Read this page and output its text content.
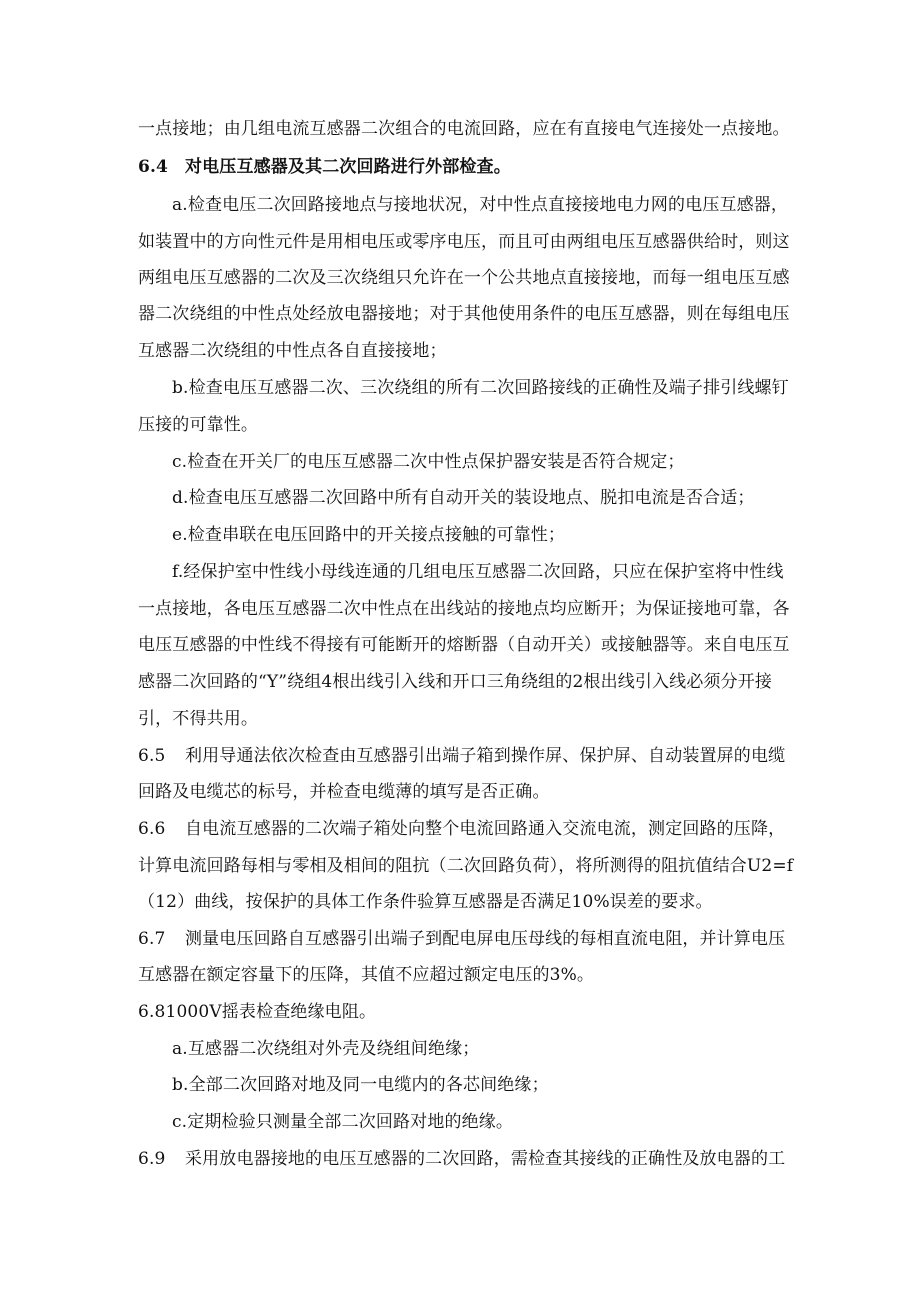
一点接地；由几组电流互感器二次组合的电流回路，应在有直接电气连接处一点接地。
6.4 对电压互感器及其二次回路进行外部检查。
a.检查电压二次回路接地点与接地状况，对中性点直接接地电力网的电压互感器，
如装置中的方向性元件是用相电压或零序电压，而且可由两组电压互感器供给时，则这
两组电压互感器的二次及三次绕组只允许在一个公共地点直接接地，而每一组电压互感
器二次绕组的中性点处经放电器接地；对于其他使用条件的电压互感器，则在每组电压
互感器二次绕组的中性点各自直接接地；
b.检查电压互感器二次、三次绕组的所有二次回路接线的正确性及端子排引线螺钉
压接的可靠性。
c.检查在开关厂的电压互感器二次中性点保护器安装是否符合规定；
d.检查电压互感器二次回路中所有自动开关的装设地点、脱扣电流是否合适；
e.检查串联在电压回路中的开关接点接触的可靠性；
f.经保护室中性线小母线连通的几组电压互感器二次回路，只应在保护室将中性线
一点接地，各电压互感器二次中性点在出线站的接地点均应断开；为保证接地可靠，各
电压互感器的中性线不得接有可能断开的熔断器（自动开关）或接触器等。来自电压互
感器二次回路的“Y”绕组4根出线引入线和开口三角绕组的2根出线引入线必须分开接
引，不得共用。
6.5 利用导通法依次检查由互感器引出端子箱到操作屏、保护屏、自动装置屏的电缆
回路及电缆芯的标号，并检查电缆薄的填写是否正确。
6.6 自电流互感器的二次端子箱处向整个电流回路通入交流电流，测定回路的压降，
计算电流回路每相与零相及相间的阻抗（二次回路负荷），将所测得的阻抗值结合U2=f
（12）曲线，按保护的具体工作条件验算互感器是否满足10%误差的要求。
6.7 测量电压回路自互感器引出端子到配电屏电压母线的每相直流电阻，并计算电压
互感器在额定容量下的压降，其值不应超过额定电压的3%。
6.81000V摇表检查绝缘电阻。
a.互感器二次绕组对外壳及绕组间绝缘；
b.全部二次回路对地及同一电缆内的各芯间绝缘；
c.定期检验只测量全部二次回路对地的绝缘。
6.9 采用放电器接地的电压互感器的二次回路，需检查其接线的正确性及放电器的工
